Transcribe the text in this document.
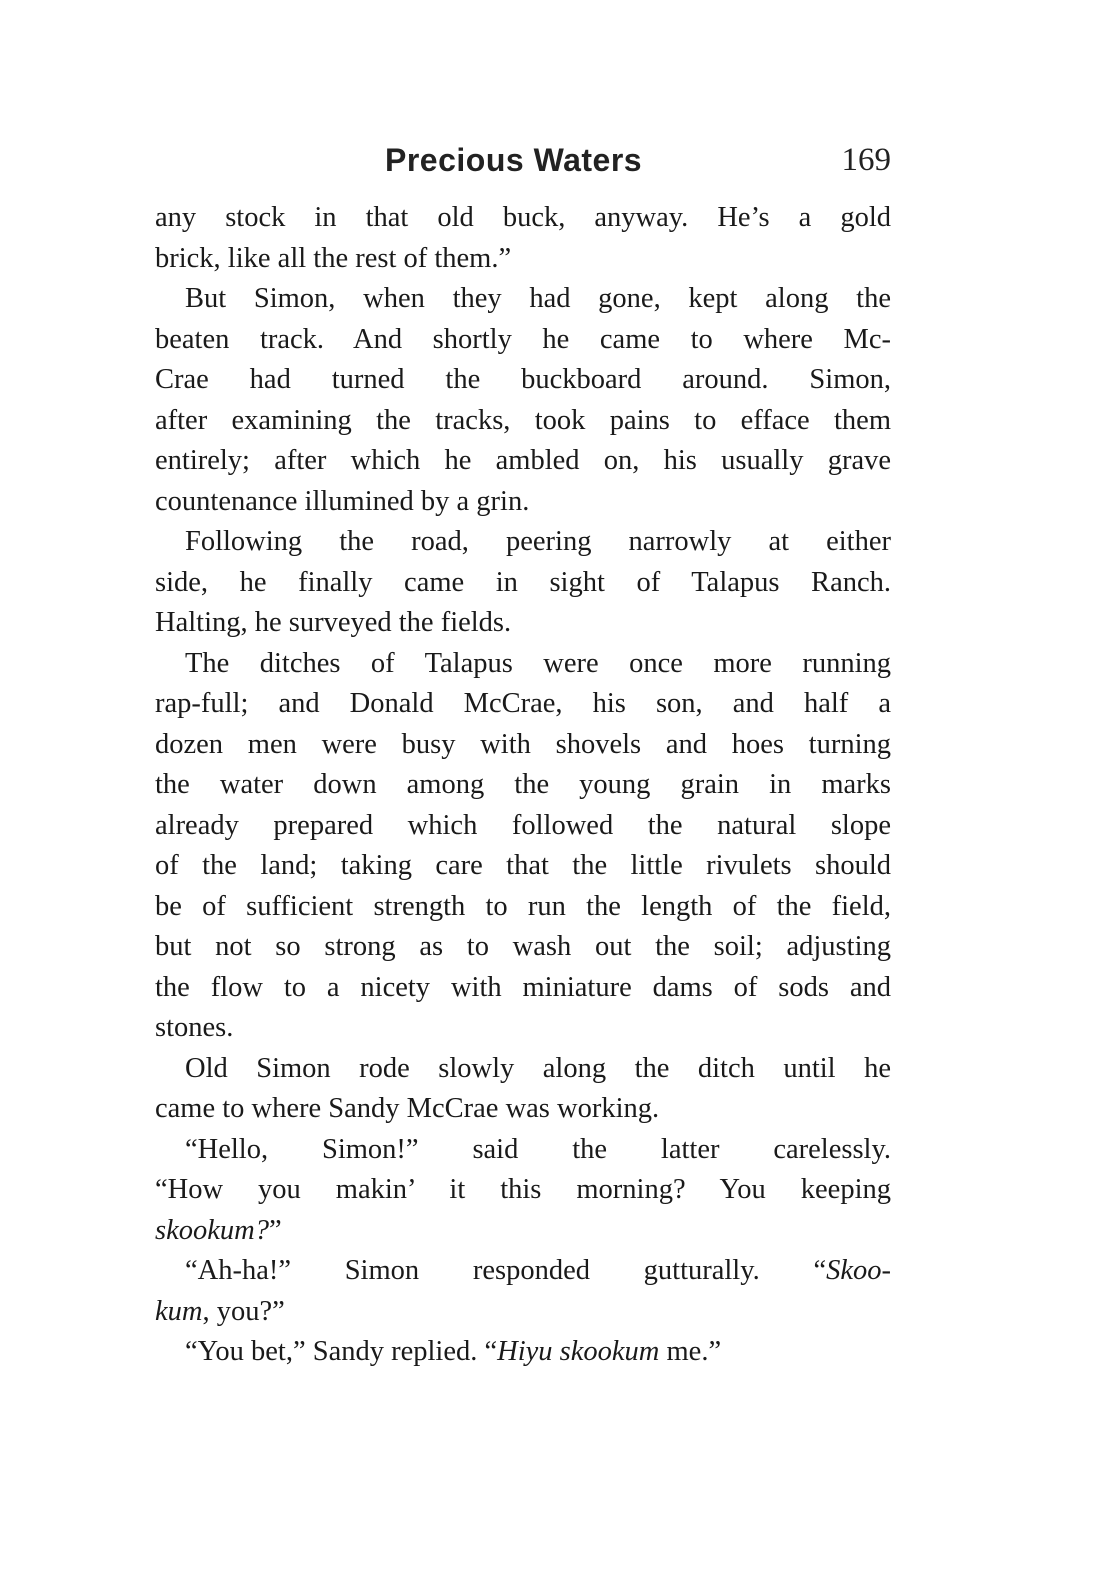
Precious Waters	169
any stock in that old buck, anyway. He’s a gold
brick, like all the rest of them.”
But Simon, when they had gone, kept along the
beaten track. And shortly he came to where Mc-
Crae had turned the buckboard around. Simon,
after examining the tracks, took pains to efface them
entirely; after which he ambled on, his usually grave
countenance illumined by a grin.
Following the road, peering narrowly at either
side, he finally came in sight of Talapus Ranch.
Halting, he surveyed the fields.
The ditches of Talapus were once more running
rap-full; and Donald McCrae, his son, and half a
dozen men were busy with shovels and hoes turning
the water down among the young grain in marks
already prepared which followed the natural slope
of the land; taking care that the little rivulets should
be of sufficient strength to run the length of the field,
but not so strong as to wash out the soil; adjusting
the flow to a nicety with miniature dams of sods and
stones.
Old Simon rode slowly along the ditch until he
came to where Sandy McCrae was working.
“Hello, Simon!” said the latter carelessly.
“How you makin’ it this morning? You keeping
skookum?”
“Ah-ha!” Simon responded gutturally. “Skoo-
kum, you?”
“You bet,” Sandy replied. “Hiyu skookum me.”
